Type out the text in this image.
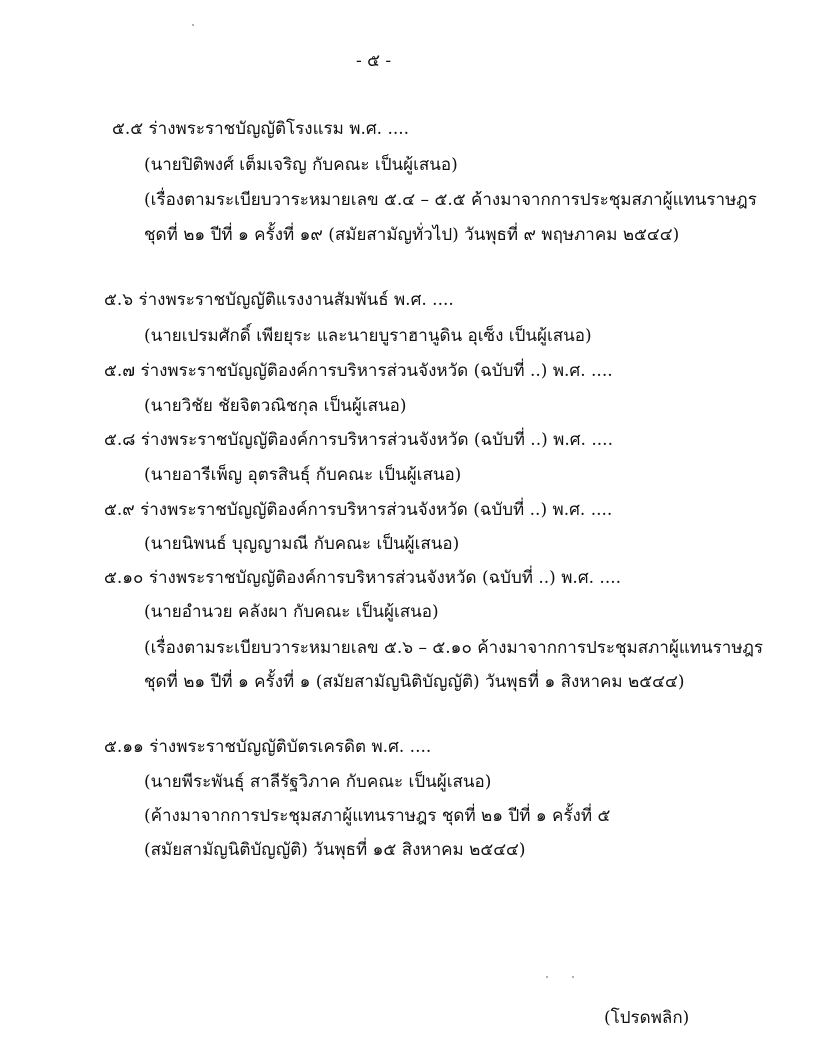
- ๕ -
๕.๕ ร่างพระราชบัญญัติโรงแรม พ.ศ. ....
(นายปิติพงศ์ เต็มเจริญ กับคณะ เป็นผู้เสนอ)
(เรื่องตามระเบียบวาระหมายเลข ๕.๔ – ๕.๕ ค้างมาจากการประชุมสภาผู้แทนราษฎร
ชุดที่ ๒๑ ปีที่ ๑ ครั้งที่ ๑๙ (สมัยสามัญทั่วไป) วันพุธที่ ๙ พฤษภาคม ๒๕๔๔)
๕.๖ ร่างพระราชบัญญัติแรงงานสัมพันธ์ พ.ศ. ....
(นายเปรมศักดิ์ เพียยุระ และนายบูราฮานูดิน อุเซ็ง เป็นผู้เสนอ)
๕.๗ ร่างพระราชบัญญัติองค์การบริหารส่วนจังหวัด (ฉบับที่ ..) พ.ศ. ....
(นายวิชัย ชัยจิตวณิชกุล เป็นผู้เสนอ)
๕.๘ ร่างพระราชบัญญัติองค์การบริหารส่วนจังหวัด (ฉบับที่ ..) พ.ศ. ....
(นายอารีเพ็ญ อุตรสินธุ์ กับคณะ เป็นผู้เสนอ)
๕.๙ ร่างพระราชบัญญัติองค์การบริหารส่วนจังหวัด (ฉบับที่ ..) พ.ศ. ....
(นายนิพนธ์ บุญญามณี กับคณะ เป็นผู้เสนอ)
๕.๑๐ ร่างพระราชบัญญัติองค์การบริหารส่วนจังหวัด (ฉบับที่ ..) พ.ศ. ....
(นายอำนวย คลังผา กับคณะ เป็นผู้เสนอ)
(เรื่องตามระเบียบวาระหมายเลข ๕.๖ – ๕.๑๐ ค้างมาจากการประชุมสภาผู้แทนราษฎร
ชุดที่ ๒๑ ปีที่ ๑ ครั้งที่ ๑ (สมัยสามัญนิติบัญญัติ) วันพุธที่ ๑ สิงหาคม ๒๕๔๔)
๕.๑๑ ร่างพระราชบัญญัติบัตรเครดิต พ.ศ. ....
(นายพีระพันธุ์ สาลีรัฐวิภาค กับคณะ เป็นผู้เสนอ)
(ค้างมาจากการประชุมสภาผู้แทนราษฎร ชุดที่ ๒๑ ปีที่ ๑ ครั้งที่ ๕
(สมัยสามัญนิติบัญญัติ) วันพุธที่ ๑๕ สิงหาคม ๒๕๔๔)
(โปรดพลิก)
